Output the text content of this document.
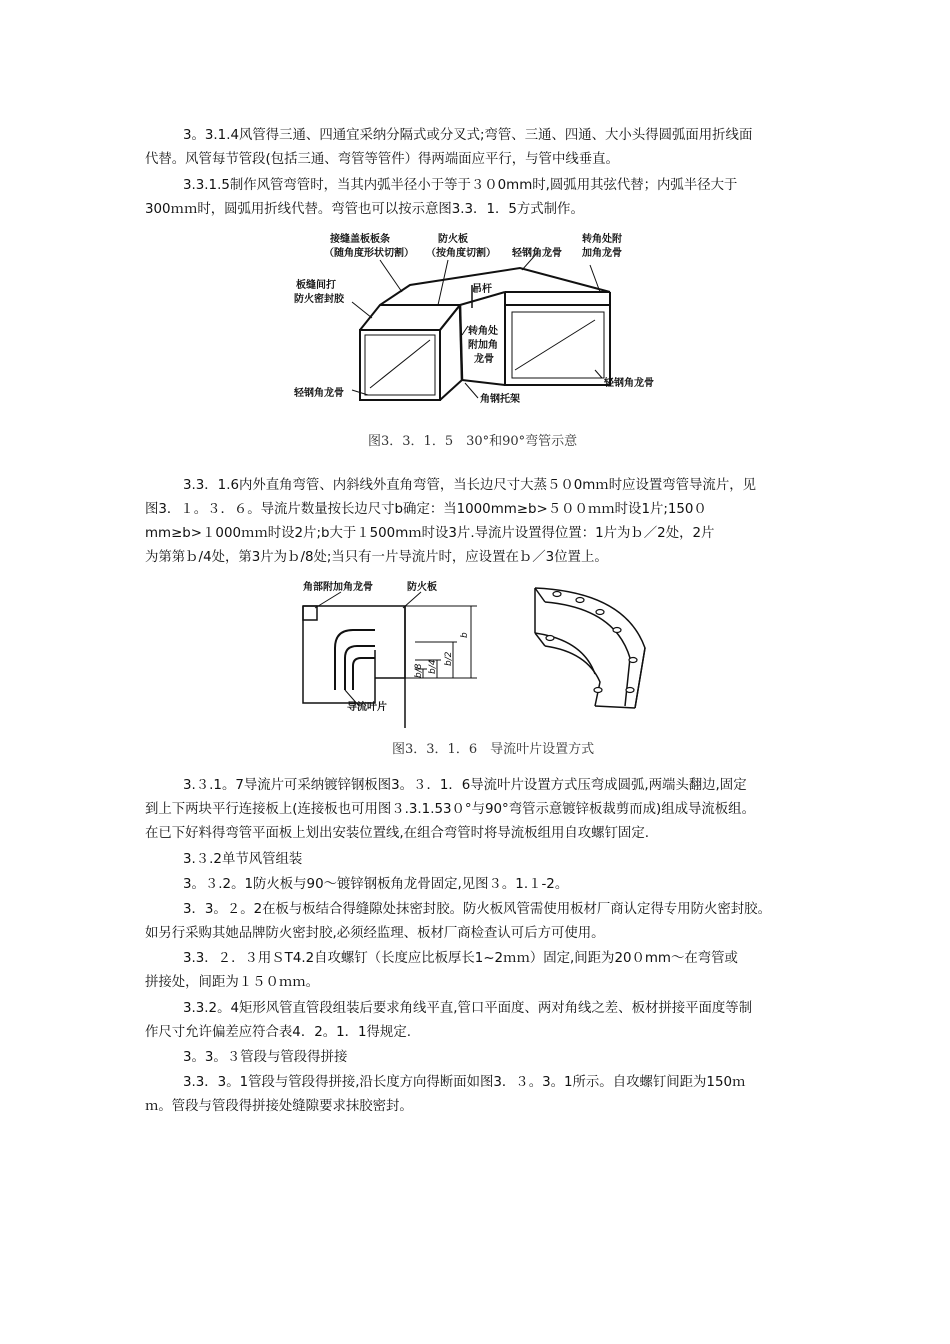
3。3.1.4风管得三通、四通宜采纳分隔式或分叉式;弯管、三通、四通、大小头得圆弧面用折线面
代替。风管每节管段(包括三通、弯管等管件）得两端面应平行，与管中线垂直。

3.3.1.5制作风管弯管时，当其内弧半径小于等于３０0mm时,圆弧用其弦代替；内弧半径大于
300ｍｍ时，圆弧用折线代替。弯管也可以按示意图3.3．1．5方式制作。

接缝盖板板条
（随角度形状切割）
防火板
（按角度切割） 轻钢角龙骨
转角处附
加角龙骨
板缝间打
防火密封胶
吊杆
转角处
附加角
龙骨
轻钢角龙骨
角钢托架
轻钢角龙骨
图3．3．1．5　30°和90°弯管示意

3.3．1.6内外直角弯管、内斜线外直角弯管，当长边尺寸大蒸５０0mｍ时应设置弯管导流片，见
图3．１。３．６。导流片数量按长边尺寸b确定：当1000mm≥b>５００ｍｍ时设1片;150０
mm≥b>１000ｍｍ时设2片;b大于１500mｍ时设3片.导流片设置得位置：1片为ｂ／2处，2片
为第第ｂ/4处，第3片为ｂ/8处;当只有一片导流片时，应设置在ｂ／3位置上。

角部附加角龙骨	防火板
导流叶片
b
b/2
b/4
b/8
图3．3．1．6　导流叶片设置方式

3.３.1。7导流片可采纳镀锌钢板图3。３．1．6导流叶片设置方式压弯成圆弧,两端头翻边,固定
到上下两块平行连接板上(连接板也可用图３.3.1.53０°与90°弯管示意镀锌板裁剪而成)组成导流板组。
在已下好料得弯管平面板上划出安装位置线,在组合弯管时将导流板组用自攻螺钉固定.

3.３.2单节风管组装

3。３.2。1防火板与90～镀锌钢板角龙骨固定,见图３。1.１-2。

3．3。２。2在板与板结合得缝隙处抹密封胶。防火板风管需使用板材厂商认定得专用防火密封胶。
如另行采购其她品牌防火密封胶,必须经监理、板材厂商检查认可后方可使用。

3.3．２．３用ＳT4.2自攻螺钉（长度应比板厚长1~2ｍｍ）固定,间距为20０mm～在弯管或
拼接处，间距为１５０ｍｍ。

3.3.2。4矩形风管直管段组装后要求角线平直,管口平面度、两对角线之差、板材拼接平面度等制
作尺寸允许偏差应符合表4．2。1．1得规定.

3。3。３管段与管段得拼接

3.3．3。1管段与管段得拼接,沿长度方向得断面如图3．３。3。1所示。自攻螺钉间距为150ｍ
ｍ。管段与管段得拼接处缝隙要求抹胶密封。
